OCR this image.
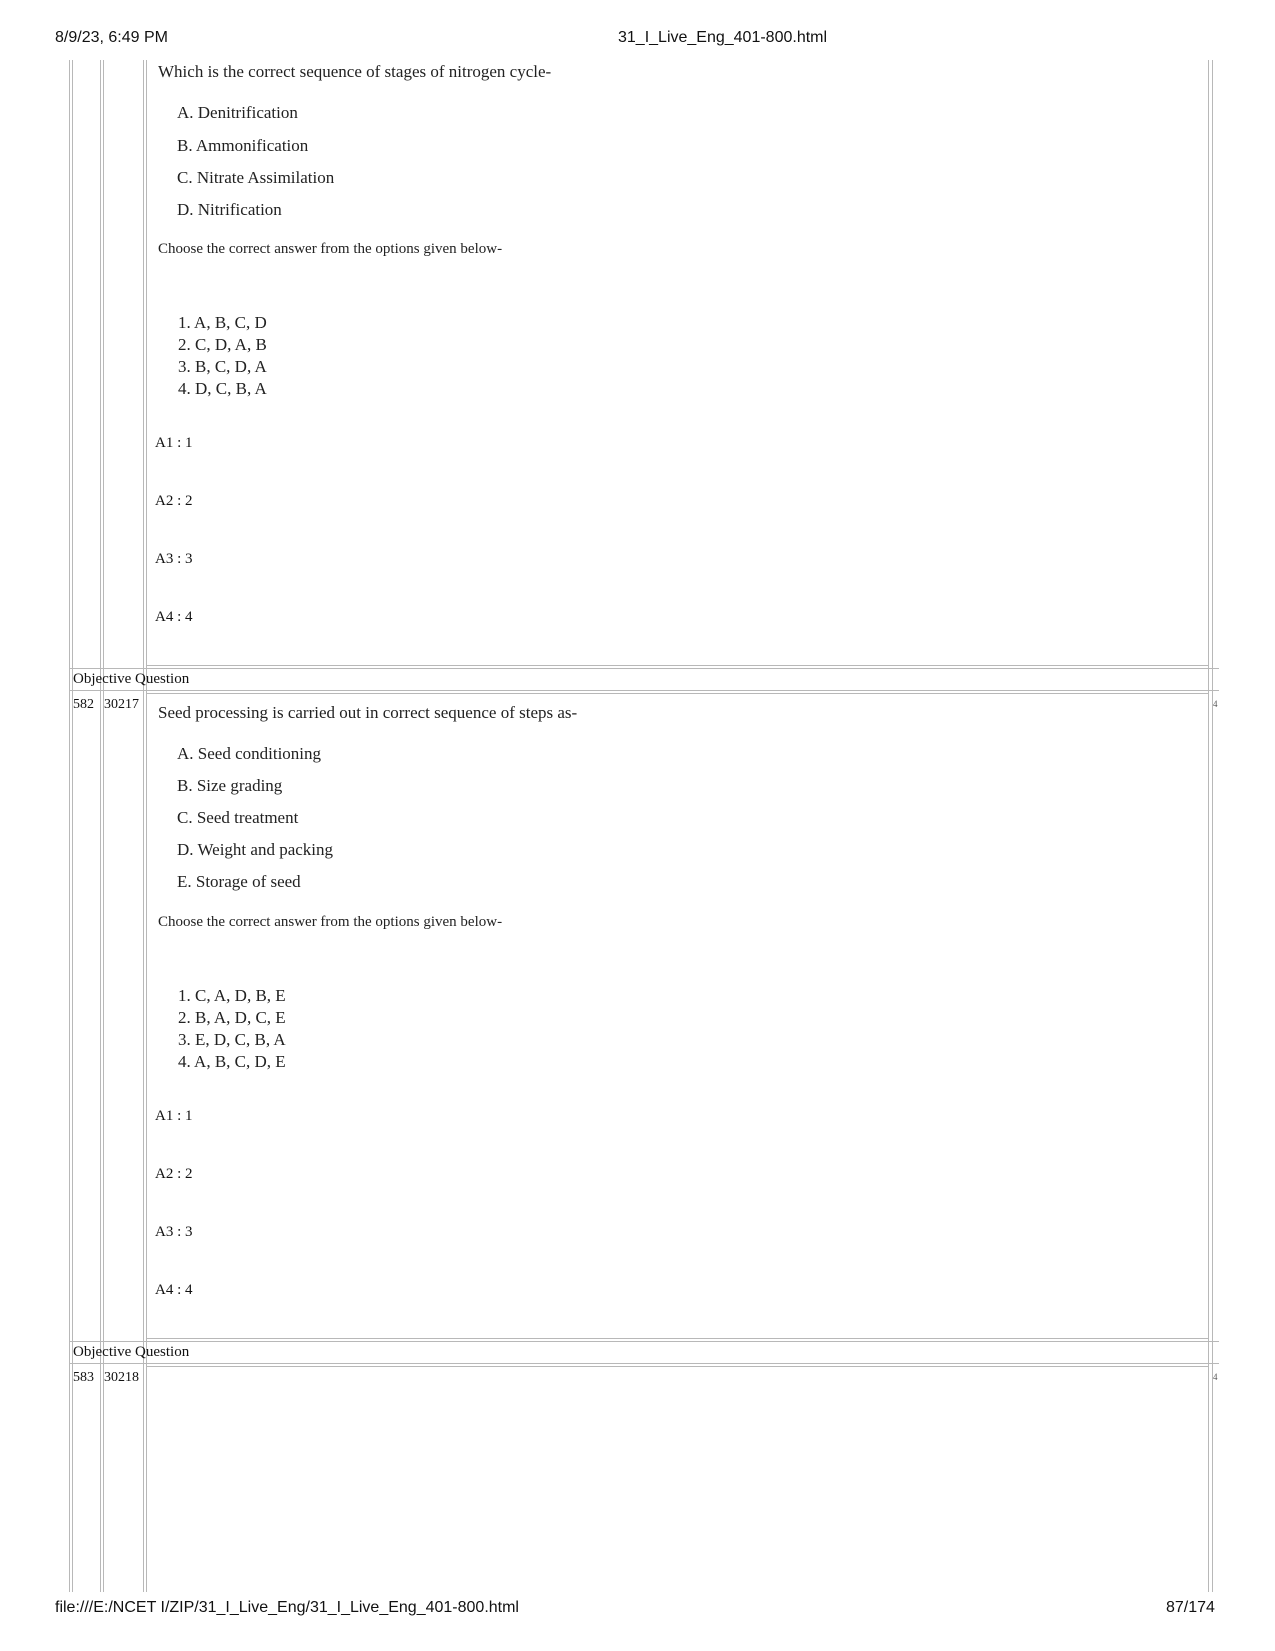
8/9/23, 6:49 PM	31_I_Live_Eng_401-800.html
Which is the correct sequence of stages of nitrogen cycle-
A. Denitrification
B. Ammonification
C. Nitrate Assimilation
D. Nitrification
Choose the correct answer from the options given below-
1. A, B, C, D
2. C, D, A, B
3. B, C, D, A
4. D, C, B, A
A1 : 1
A2 : 2
A3 : 3
A4 : 4
Objective Question
582 30217	4
Seed processing is carried out in correct sequence of steps as-
A. Seed conditioning
B. Size grading
C. Seed treatment
D. Weight and packing
E. Storage of seed
Choose the correct answer from the options given below-
1. C, A, D, B, E
2. B, A, D, C, E
3. E, D, C, B, A
4. A, B, C, D, E
A1 : 1
A2 : 2
A3 : 3
A4 : 4
Objective Question
583 30218	4
file:///E:/NCET I/ZIP/31_I_Live_Eng/31_I_Live_Eng_401-800.html	87/174
